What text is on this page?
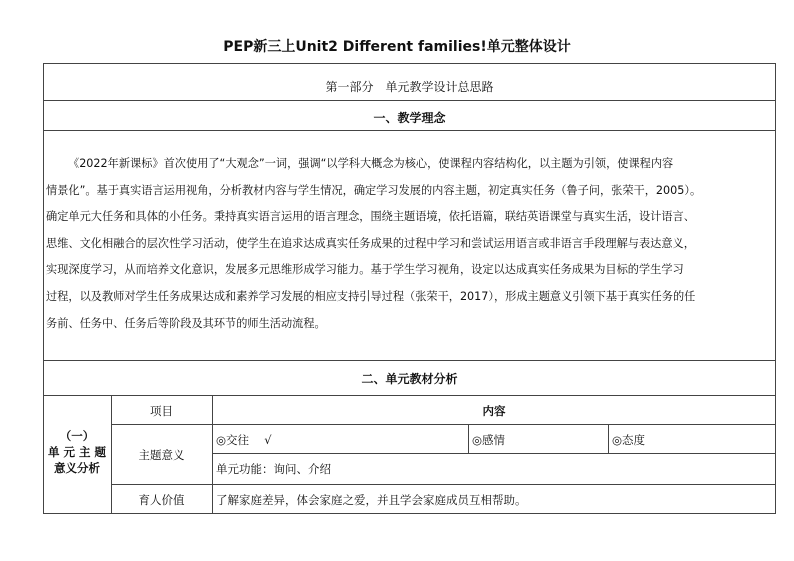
PEP新三上Unit2 Different families!单元整体设计
第一部分　单元教学设计总思路
一、教学理念
《2022年新课标》首次使用了“大观念”一词，强调“以学科大概念为核心，使课程内容结构化，以主题为引领，使课程内容
情景化”。基于真实语言运用视角，分析教材内容与学生情况，确定学习发展的内容主题，初定真实任务（鲁子问，张荣干，2005）。
确定单元大任务和具体的小任务。秉持真实语言运用的语言理念，围绕主题语境，依托语篇，联结英语课堂与真实生活，设计语言、
思维、文化相融合的层次性学习活动，使学生在追求达成真实任务成果的过程中学习和尝试运用语言或非语言手段理解与表达意义，
实现深度学习，从而培养文化意识，发展多元思维形成学习能力。基于学生学习视角，设定以达成真实任务成果为目标的学生学习
过程，以及教师对学生任务成果达成和素养学习发展的相应支持引导过程（张荣干，2017），形成主题意义引领下基于真实任务的任
务前、任务中、任务后等阶段及其环节的师生活动流程。
二、单元教材分析
（一）
单 元 主 题
意义分析
项目	内容
主题意义
◎交往　 √	◎感情	◎态度
单元功能：询问、介绍
育人价值	了解家庭差异，体会家庭之爱，并且学会家庭成员互相帮助。
